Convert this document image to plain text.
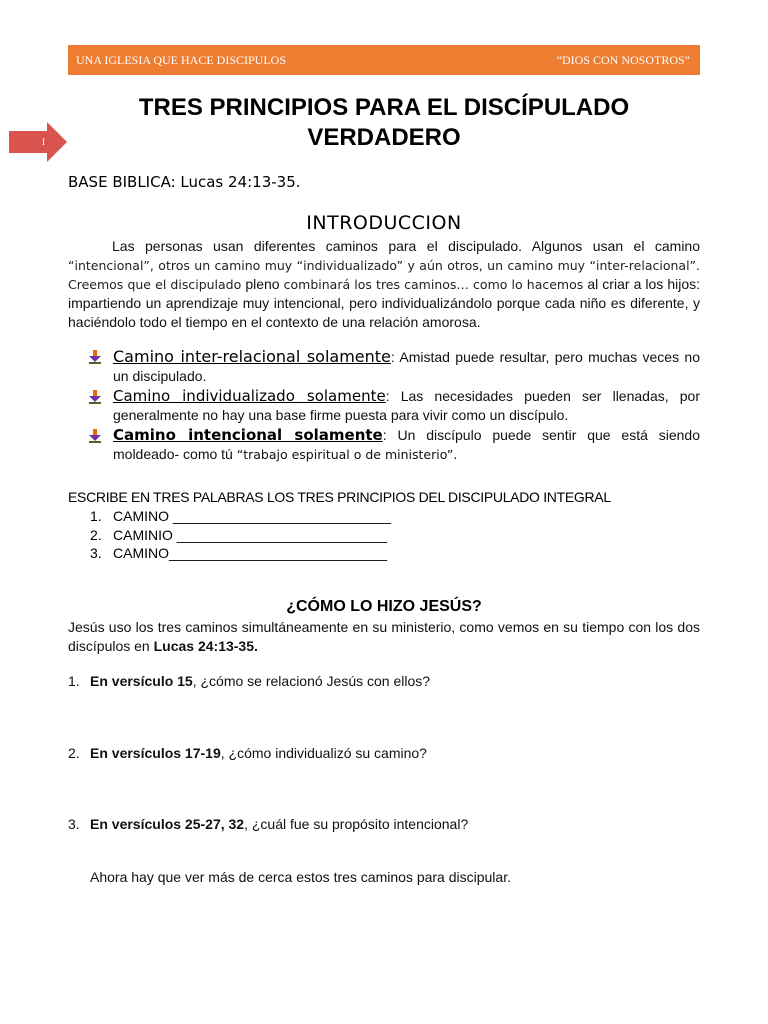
UNA IGLESIA QUE HACE DISCIPULOS	“DIOS CON NOSOTROS”
I
TRES PRINCIPIOS PARA EL DISCÍPULADO
VERDADERO
BASE BIBLICA: Lucas 24:13-35.
INTRODUCCION
Las personas usan diferentes caminos para el discipulado. Algunos usan el camino “intencional”, otros un camino muy “individualizado” y aún otros, un camino muy “inter-relacional”. Creemos que el discipulado pleno combinará los tres caminos… como lo hacemos al criar a los hijos: impartiendo un aprendizaje muy intencional, pero individualizándolo porque cada niño es diferente, y haciéndolo todo el tiempo en el contexto de una relación amorosa.
Camino inter-relacional solamente: Amistad puede resultar, pero muchas veces no un discipulado.
Camino individualizado solamente: Las necesidades pueden ser llenadas, por generalmente no hay una base firme puesta para vivir como un discípulo.
Camino intencional solamente: Un discípulo puede sentir que está siendo moldeado- como tú “trabajo espiritual o de ministerio”.
ESCRIBE EN TRES PALABRAS LOS TRES PRINCIPIOS DEL DISCIPULADO INTEGRAL
1. CAMINO ____________________________
2. CAMINIO ___________________________
3. CAMINO____________________________
¿CÓMO LO HIZO JESÚS?
Jesús uso los tres caminos simultáneamente en su ministerio, como vemos en su tiempo con los dos discípulos en Lucas 24:13-35.
1. En versículo 15, ¿cómo se relacionó Jesús con ellos?
2. En versículos 17-19, ¿cómo individualizó su camino?
3. En versículos 25-27, 32, ¿cuál fue su propósito intencional?
Ahora hay que ver más de cerca estos tres caminos para discipular.
